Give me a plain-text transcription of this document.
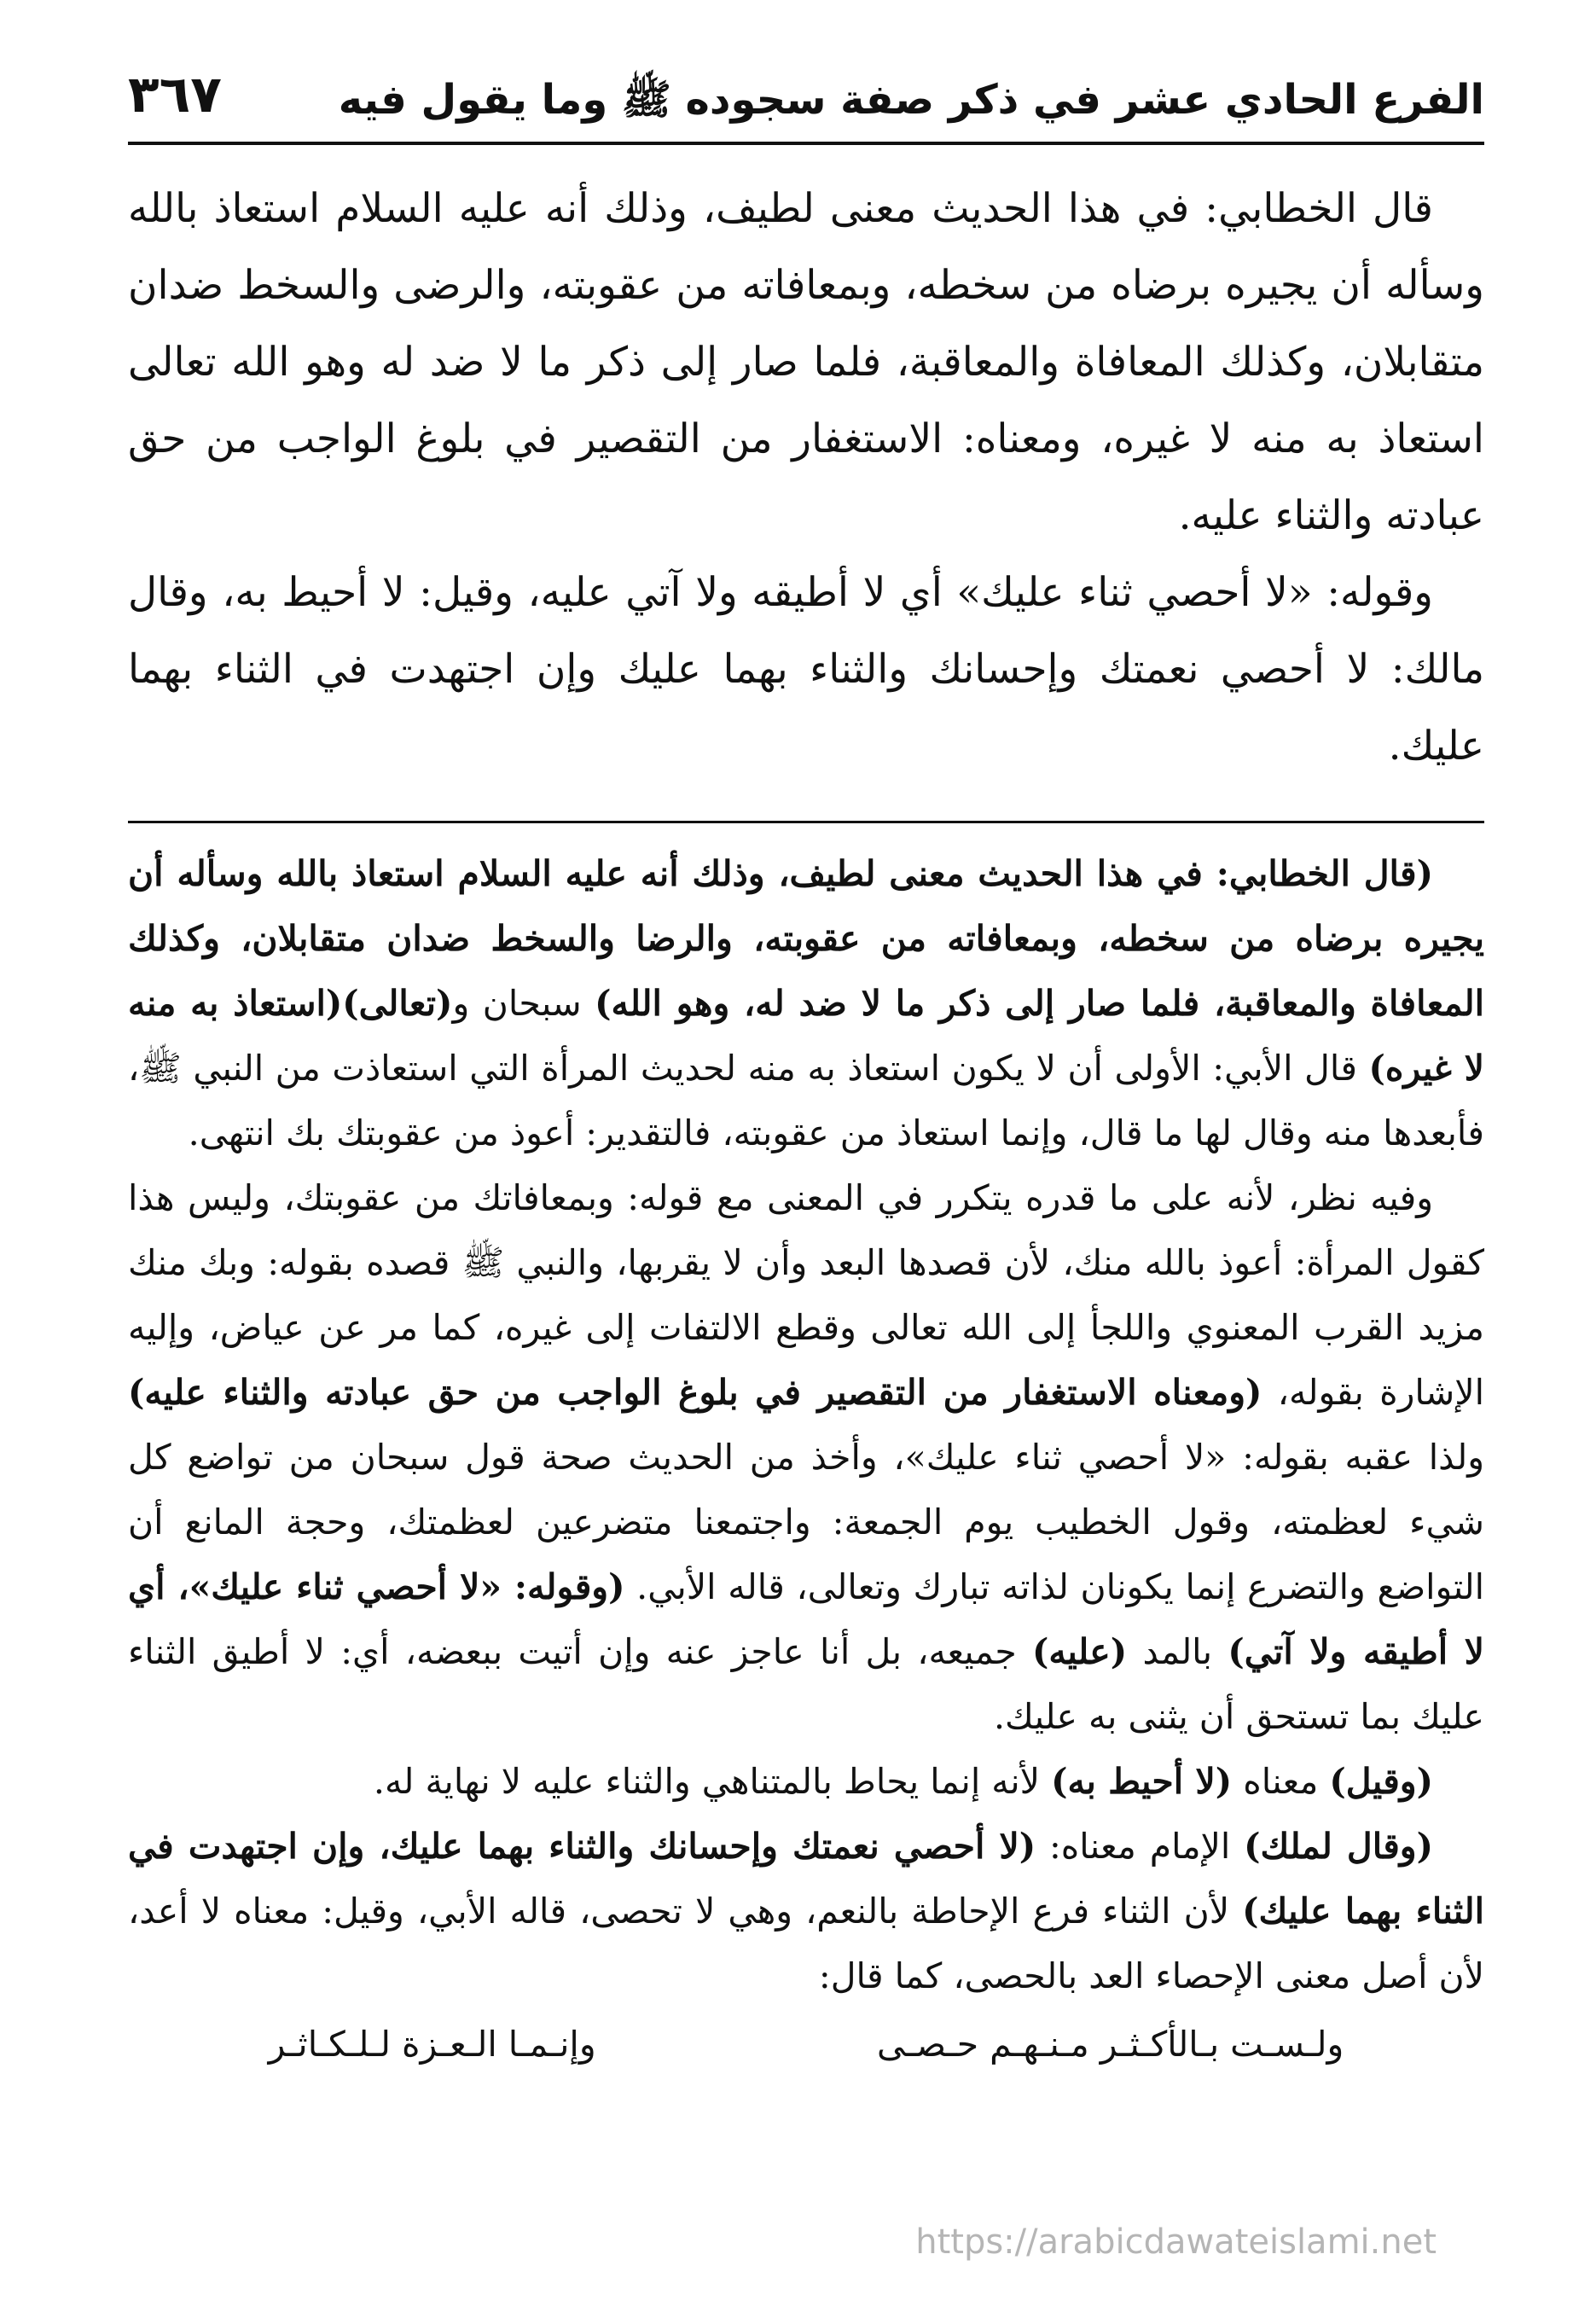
الفرع الحادي عشر في ذكر صفة سجوده ﷺ وما يقول فيه
٣٦٧

قال الخطابي: في هذا الحديث معنى لطيف، وذلك أنه عليه السلام استعاذ بالله وسأله أن يجيره برضاه من سخطه، وبمعافاته من عقوبته، والرضى والسخط ضدان متقابلان، وكذلك المعافاة والمعاقبة، فلما صار إلى ذكر ما لا ضد له وهو الله تعالى استعاذ به منه لا غيره، ومعناه: الاستغفار من التقصير في بلوغ الواجب من حق عبادته والثناء عليه.

وقوله: «لا أحصي ثناء عليك» أي لا أطيقه ولا آتي عليه، وقيل: لا أحيط به، وقال مالك: لا أحصي نعمتك وإحسانك والثناء بهما عليك وإن اجتهدت في الثناء بهما عليك.

(قال الخطابي: في هذا الحديث معنى لطيف، وذلك أنه عليه السلام استعاذ بالله وسأله أن يجيره برضاه من سخطه، وبمعافاته من عقوبته، والرضا والسخط ضدان متقابلان، وكذلك المعافاة والمعاقبة، فلما صار إلى ذكر ما لا ضد له، وهو الله) سبحان و(تعالى)(استعاذ به منه لا غيره) قال الأبي: الأولى أن لا يكون استعاذ به منه لحديث المرأة التي استعاذت من النبي ﷺ، فأبعدها منه وقال لها ما قال، وإنما استعاذ من عقوبته، فالتقدير: أعوذ من عقوبتك بك انتهى.

وفيه نظر، لأنه على ما قدره يتكرر في المعنى مع قوله: وبمعافاتك من عقوبتك، وليس هذا كقول المرأة: أعوذ بالله منك، لأن قصدها البعد وأن لا يقربها، والنبي ﷺ قصده بقوله: وبك منك مزيد القرب المعنوي واللجأ إلى الله تعالى وقطع الالتفات إلى غيره، كما مر عن عياض، وإليه الإشارة بقوله، (ومعناه الاستغفار من التقصير في بلوغ الواجب من حق عبادته والثناء عليه) ولذا عقبه بقوله: «لا أحصي ثناء عليك»، وأخذ من الحديث صحة قول سبحان من تواضع كل شيء لعظمته، وقول الخطيب يوم الجمعة: واجتمعنا متضرعين لعظمتك، وحجة المانع أن التواضع والتضرع إنما يكونان لذاته تبارك وتعالى، قاله الأبي. (وقوله: «لا أحصي ثناء عليك»، أي لا أطيقه ولا آتي) بالمد (عليه) جميعه، بل أنا عاجز عنه وإن أتيت ببعضه، أي: لا أطيق الثناء عليك بما تستحق أن يثنى به عليك.

(وقيل) معناه (لا أحيط به) لأنه إنما يحاط بالمتناهي والثناء عليه لا نهاية له.

(وقال لملك) الإمام معناه: (لا أحصي نعمتك وإحسانك والثناء بهما عليك، وإن اجتهدت في الثناء بهما عليك) لأن الثناء فرع الإحاطة بالنعم، وهي لا تحصى، قاله الأبي، وقيل: معناه لا أعد، لأن أصل معنى الإحصاء العد بالحصى، كما قال:

ولـسـت بـالأكـثـر مـنـهـم حـصـى
وإنـمـا الـعـزة لـلـكـاثـر
https://arabicdawateislami.net
